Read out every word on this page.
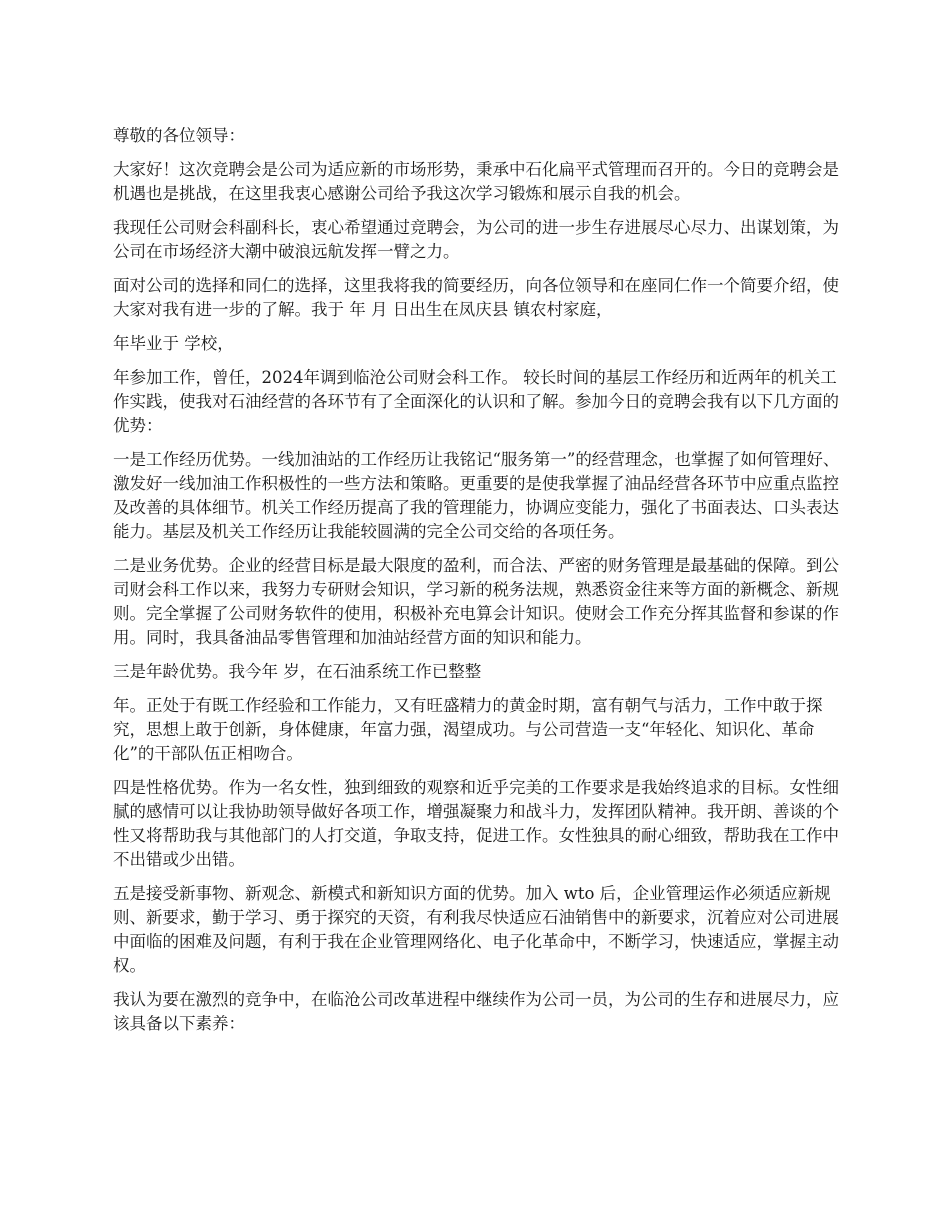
尊敬的各位领导：

大家好！这次竞聘会是公司为适应新的市场形势，秉承中石化扁平式管理而召开的。今日的竞聘会是机遇也是挑战，在这里我衷心感谢公司给予我这次学习锻炼和展示自我的机会。

我现任公司财会科副科长，衷心希望通过竞聘会，为公司的进一步生存进展尽心尽力、出谋划策，为公司在市场经济大潮中破浪远航发挥一臂之力。

面对公司的选择和同仁的选择，这里我将我的简要经历，向各位领导和在座同仁作一个简要介绍，使大家对我有进一步的了解。我于 年 月 日出生在凤庆县 镇农村家庭，

年毕业于 学校，

年参加工作，曾任，2024年调到临沧公司财会科工作。 较长时间的基层工作经历和近两年的机关工作实践，使我对石油经营的各环节有了全面深化的认识和了解。参加今日的竞聘会我有以下几方面的优势：

一是工作经历优势。一线加油站的工作经历让我铭记“服务第一”的经营理念，也掌握了如何管理好、激发好一线加油工作积极性的一些方法和策略。更重要的是使我掌握了油品经营各环节中应重点监控及改善的具体细节。机关工作经历提高了我的管理能力，协调应变能力，强化了书面表达、口头表达能力。基层及机关工作经历让我能较圆满的完全公司交给的各项任务。

二是业务优势。企业的经营目标是最大限度的盈利，而合法、严密的财务管理是最基础的保障。到公司财会科工作以来，我努力专研财会知识，学习新的税务法规，熟悉资金往来等方面的新概念、新规则。完全掌握了公司财务软件的使用，积极补充电算会计知识。使财会工作充分挥其监督和参谋的作用。同时，我具备油品零售管理和加油站经营方面的知识和能力。

三是年龄优势。我今年 岁，在石油系统工作已整整

年。正处于有既工作经验和工作能力，又有旺盛精力的黄金时期，富有朝气与活力，工作中敢于探究，思想上敢于创新，身体健康，年富力强，渴望成功。与公司营造一支“年轻化、知识化、革命化”的干部队伍正相吻合。

四是性格优势。作为一名女性，独到细致的观察和近乎完美的工作要求是我始终追求的目标。女性细腻的感情可以让我协助领导做好各项工作，增强凝聚力和战斗力，发挥团队精神。我开朗、善谈的个性又将帮助我与其他部门的人打交道，争取支持，促进工作。女性独具的耐心细致，帮助我在工作中不出错或少出错。

五是接受新事物、新观念、新模式和新知识方面的优势。加入 wto 后，企业管理运作必须适应新规则、新要求，勤于学习、勇于探究的天资，有利我尽快适应石油销售中的新要求，沉着应对公司进展中面临的困难及问题，有利于我在企业管理网络化、电子化革命中，不断学习，快速适应，掌握主动权。

我认为要在激烈的竞争中，在临沧公司改革进程中继续作为公司一员，为公司的生存和进展尽力，应该具备以下素养：
